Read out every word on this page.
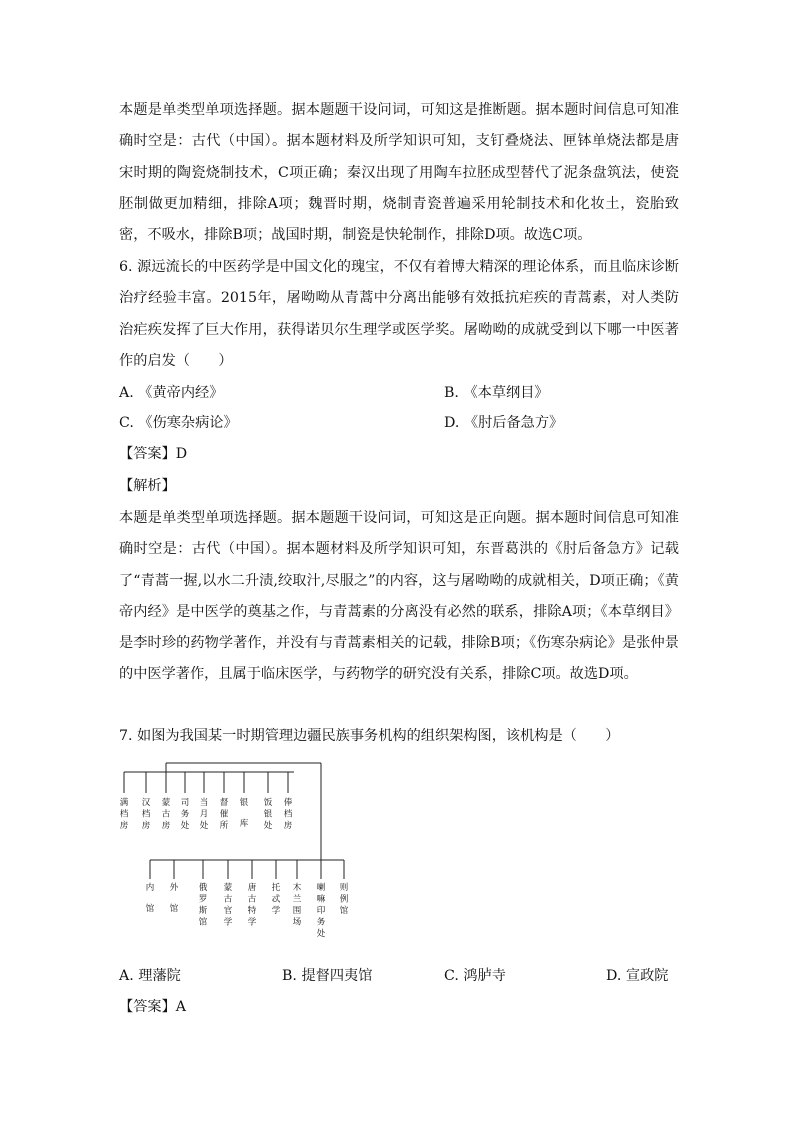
本题是单类型单项选择题。据本题题干设问词，可知这是推断题。据本题时间信息可知准确时空是：古代（中国）。据本题材料及所学知识可知，支钉叠烧法、匣钵单烧法都是唐宋时期的陶瓷烧制技术，C项正确；秦汉出现了用陶车拉胚成型替代了泥条盘筑法，使瓷胚制做更加精细，排除A项；魏晋时期，烧制青瓷普遍采用轮制技术和化妆土，瓷胎致密，不吸水，排除B项；战国时期，制瓷是快轮制作，排除D项。故选C项。

6. 源远流长的中医药学是中国文化的瑰宝，不仅有着博大精深的理论体系，而且临床诊断治疗经验丰富。2015年，屠呦呦从青蒿中分离出能够有效抵抗疟疾的青蒿素，对人类防治疟疾发挥了巨大作用，获得诺贝尔生理学或医学奖。屠呦呦的成就受到以下哪一中医著作的启发（　　）

A. 《黄帝内经》	B. 《本草纲目》
C. 《伤寒杂病论》	D. 《肘后备急方》
【答案】D
【解析】

本题是单类型单项选择题。据本题题干设问词，可知这是正向题。据本题时间信息可知准确时空是：古代（中国）。据本题材料及所学知识可知，东晋葛洪的《肘后备急方》记载了“青蒿一握,以水二升渍,绞取汁,尽服之”的内容，这与屠呦呦的成就相关，D项正确；《黄帝内经》是中医学的奠基之作，与青蒿素的分离没有必然的联系，排除A项；《本草纲目》是李时珍的药物学著作，并没有与青蒿素相关的记载，排除B项；《伤寒杂病论》是张仲景的中医学著作，且属于临床医学，与药物学的研究没有关系，排除C项。故选D项。

7. 如图为我国某一时期管理边疆民族事务机构的组织架构图，该机构是（　　）
满
档
房
汉
档
房
蒙
古
房
司
务
处
当
月
处
督
催
所
银
库
饭
银
处
俸
档
房
内
馆
外
馆
俄
罗
斯
馆
蒙
古
官
学
唐
古
特
学
托
忒
学
木
兰
围
场
喇
嘛
印
务
处
则
例
馆
A. 理藩院	B. 提督四夷馆	C. 鸿胪寺	D. 宣政院
【答案】A
